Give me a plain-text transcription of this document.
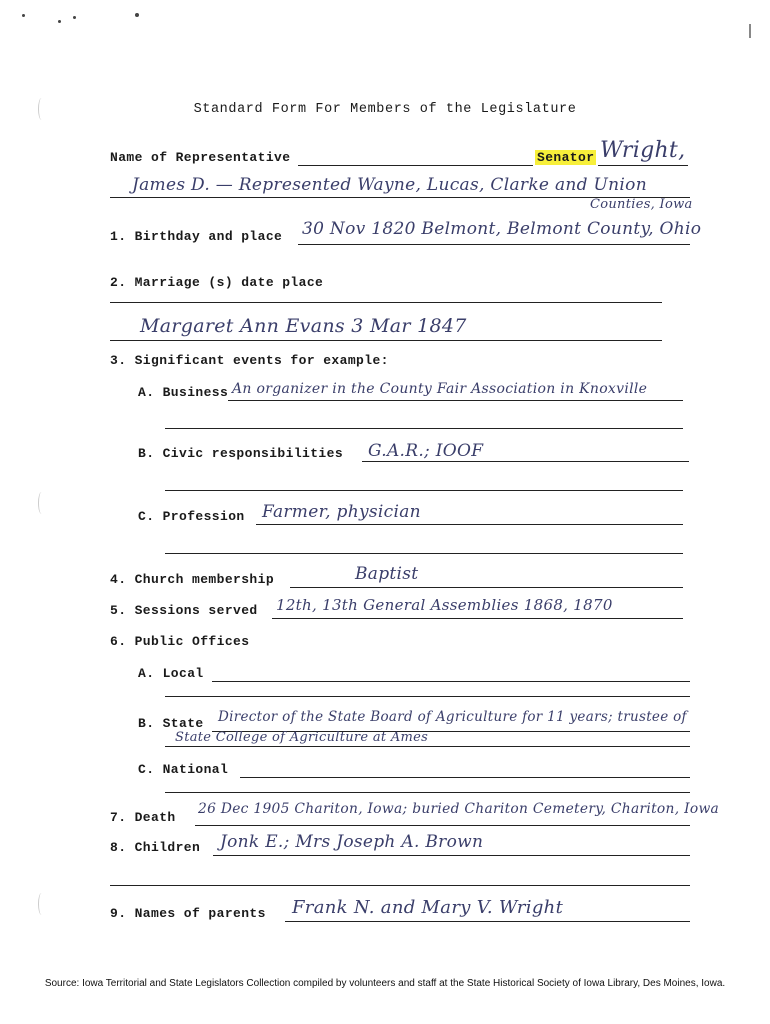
Standard Form For Members of the Legislature
Name of Representative	Senator Wright,
James D. — Represented Wayne, Lucas, Clarke and Union
Counties, Iowa
1. Birthday and place 30 Nov 1820 Belmont, Belmont County, Ohio
2. Marriage (s) date place
Margaret Ann Evans 3 Mar 1847
3. Significant events for example:
A. Business An organizer in the County Fair Association in Knoxville
B. Civic responsibilities G.A.R.; IOOF
C. Profession Farmer, physician
4. Church membership	Baptist
5. Sessions served 12th, 13th General Assemblies 1868, 1870
6. Public Offices
A. Local
B. State Director of the State Board of Agriculture for 11 years; trustee of
State College of Agriculture at Ames
C. National
7. Death
26 Dec 1905 Chariton, Iowa; buried Chariton Cemetery, Chariton, Iowa
8. Children Jonk E.; Mrs Joseph A. Brown
9. Names of parents Frank N. and Mary V. Wright
Source: Iowa Territorial and State Legislators Collection compiled by volunteers and staff at the State Historical Society of Iowa Library, Des Moines, Iowa.
